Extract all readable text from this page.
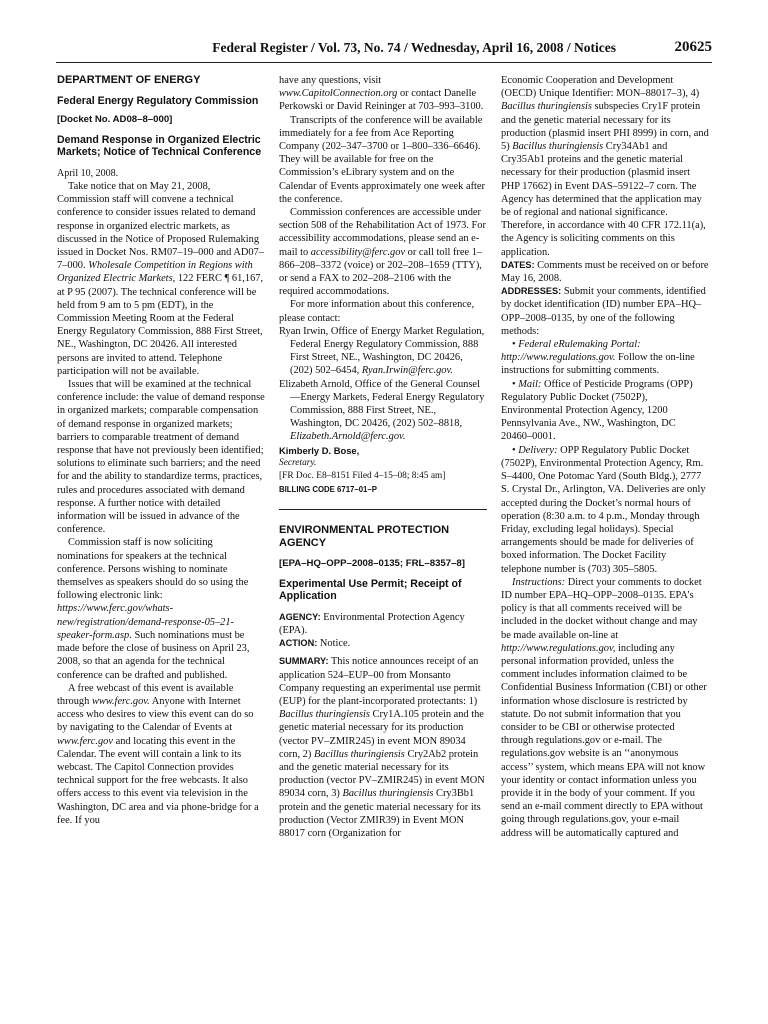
Federal Register / Vol. 73, No. 74 / Wednesday, April 16, 2008 / Notices	20625
DEPARTMENT OF ENERGY
Federal Energy Regulatory Commission
[Docket No. AD08–8–000]
Demand Response in Organized Electric Markets; Notice of Technical Conference

April 10, 2008.

Take notice that on May 21, 2008, Commission staff will convene a technical conference to consider issues related to demand response in organized electric markets, as discussed in the Notice of Proposed Rulemaking issued in Docket Nos. RM07–19–000 and AD07–7–000. Wholesale Competition in Regions with Organized Electric Markets, 122 FERC ¶ 61,167, at P 95 (2007). The technical conference will be held from 9 am to 5 pm (EDT), in the Commission Meeting Room at the Federal Energy Regulatory Commission, 888 First Street, NE., Washington, DC 20426. All interested persons are invited to attend. Telephone participation will not be available.

Issues that will be examined at the technical conference include: the value of demand response in organized markets; comparable compensation of demand response in organized markets; barriers to comparable treatment of demand response that have not previously been identified; solutions to eliminate such barriers; and the need for and the ability to standardize terms, practices, rules and procedures associated with demand response. A further notice with detailed information will be issued in advance of the conference.

Commission staff is now soliciting nominations for speakers at the technical conference. Persons wishing to nominate themselves as speakers should do so using the following electronic link: https://www.ferc.gov/whats-new/registration/demand-response-05–21-speaker-form.asp. Such nominations must be made before the close of business on April 23, 2008, so that an agenda for the technical conference can be drafted and published.

A free webcast of this event is available through www.ferc.gov. Anyone with Internet access who desires to view this event can do so by navigating to the Calendar of Events at www.ferc.gov and locating this event in the Calendar. The event will contain a link to its webcast. The Capitol Connection provides technical support for the free webcasts. It also offers access to this event via television in the Washington, DC area and via phone-bridge for a fee. If you

have any questions, visit www.CapitolConnection.org or contact Danelle Perkowski or David Reininger at 703–993–3100.

Transcripts of the conference will be available immediately for a fee from Ace Reporting Company (202–347–3700 or 1–800–336–6646). They will be available for free on the Commission’s eLibrary system and on the Calendar of Events approximately one week after the conference.

Commission conferences are accessible under section 508 of the Rehabilitation Act of 1973. For accessibility accommodations, please send an e-mail to accessibility@ferc.gov or call toll free 1–866–208–3372 (voice) or 202–208–1659 (TTY), or send a FAX to 202–208–2106 with the required accommodations.

For more information about this conference, please contact:

Ryan Irwin, Office of Energy Market Regulation, Federal Energy Regulatory Commission, 888 First Street, NE., Washington, DC 20426, (202) 502–6454, Ryan.Irwin@ferc.gov.

Elizabeth Arnold, Office of the General Counsel—Energy Markets, Federal Energy Regulatory Commission, 888 First Street, NE., Washington, DC 20426, (202) 502–8818, Elizabeth.Arnold@ferc.gov.

Kimberly D. Bose,

Secretary.

[FR Doc. E8–8151 Filed 4–15–08; 8:45 am]

BILLING CODE 6717–01–P

ENVIRONMENTAL PROTECTION AGENCY
[EPA–HQ–OPP–2008–0135; FRL–8357–8]
Experimental Use Permit; Receipt of Application

AGENCY: Environmental Protection Agency (EPA).

ACTION: Notice.

SUMMARY: This notice announces receipt of an application 524–EUP–00 from Monsanto Company requesting an experimental use permit (EUP) for the plant-incorporated protectants: 1) Bacillus thuringiensis Cry1A.105 protein and the genetic material necessary for its production (vector PV–ZMIR245) in event MON 89034 corn, 2) Bacillus thuringiensis Cry2Ab2 protein and the genetic material necessary for its production (vector PV–ZMIR245) in event MON 89034 corn, 3) Bacillus thuringiensis Cry3Bb1 protein and the genetic material necessary for its production (Vector ZMIR39) in Event MON 88017 corn (Organization for

Economic Cooperation and Development (OECD) Unique Identifier: MON–88017–3), 4) Bacillus thuringiensis subspecies Cry1F protein and the genetic material necessary for its production (plasmid insert PHI 8999) in corn, and 5) Bacillus thuringiensis Cry34Ab1 and Cry35Ab1 proteins and the genetic material necessary for their production (plasmid insert PHP 17662) in Event DAS–59122–7 corn. The Agency has determined that the application may be of regional and national significance. Therefore, in accordance with 40 CFR 172.11(a), the Agency is soliciting comments on this application.

DATES: Comments must be received on or before May 16, 2008.

ADDRESSES: Submit your comments, identified by docket identification (ID) number EPA–HQ–OPP–2008–0135, by one of the following methods:

• Federal eRulemaking Portal: http://www.regulations.gov. Follow the on-line instructions for submitting comments.

• Mail: Office of Pesticide Programs (OPP) Regulatory Public Docket (7502P), Environmental Protection Agency, 1200 Pennsylvania Ave., NW., Washington, DC 20460–0001.

• Delivery: OPP Regulatory Public Docket (7502P), Environmental Protection Agency, Rm. S–4400, One Potomac Yard (South Bldg.), 2777 S. Crystal Dr., Arlington, VA. Deliveries are only accepted during the Docket’s normal hours of operation (8:30 a.m. to 4 p.m., Monday through Friday, excluding legal holidays). Special arrangements should be made for deliveries of boxed information. The Docket Facility telephone number is (703) 305–5805.

Instructions: Direct your comments to docket ID number EPA–HQ–OPP–2008–0135. EPA’s policy is that all comments received will be included in the docket without change and may be made available on-line at http://www.regulations.gov, including any personal information provided, unless the comment includes information claimed to be Confidential Business Information (CBI) or other information whose disclosure is restricted by statute. Do not submit information that you consider to be CBI or otherwise protected through regulations.gov or e-mail. The regulations.gov website is an ‘‘anonymous access’’ system, which means EPA will not know your identity or contact information unless you provide it in the body of your comment. If you send an e-mail comment directly to EPA without going through regulations.gov, your e-mail address will be automatically captured and
